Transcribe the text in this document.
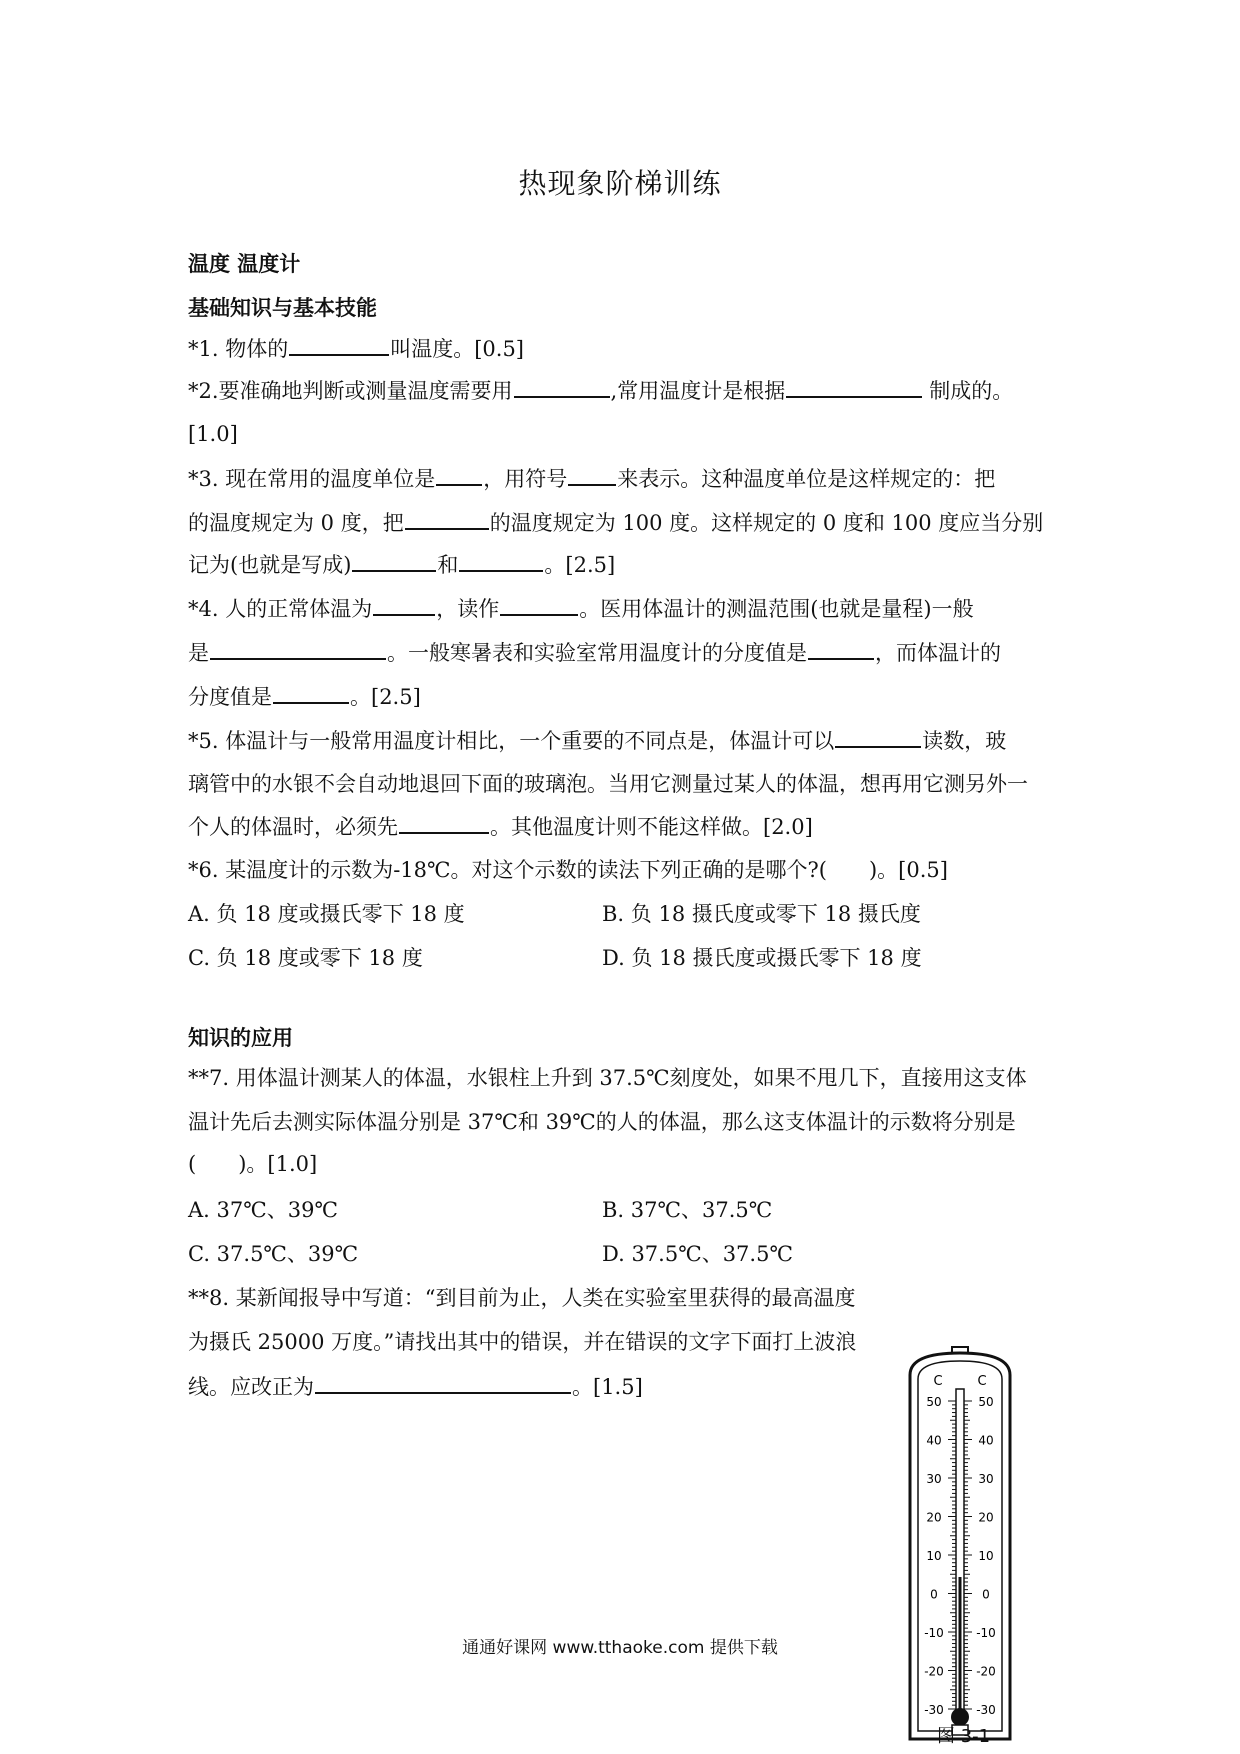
热现象阶梯训练
温度 温度计
基础知识与基本技能
*1. 物体的	叫温度。[0.5]
*2.要准确地判断或测量温度需要用	,常用温度计是根据	制成的。
[1.0]
*3. 现在常用的温度单位是 ，用符号 来表示。这种温度单位是这样规定的：把
的温度规定为 0 度，把	的温度规定为 100 度。这样规定的 0 度和 100 度应当分别
记为(也就是写成)	和	。[2.5]
*4. 人的正常体温为	，读作	。医用体温计的测温范围(也就是量程)一般
是	。一般寒暑表和实验室常用温度计的分度值是	，而体温计的
分度值是	。[2.5]
*5. 体温计与一般常用温度计相比，一个重要的不同点是，体温计可以	读数，玻
璃管中的水银不会自动地退回下面的玻璃泡。当用它测量过某人的体温，想再用它测另外一
个人的体温时，必须先	。其他温度计则不能这样做。[2.0]
*6. 某温度计的示数为-18℃。对这个示数的读法下列正确的是哪个?(　　)。[0.5]
A. 负 18 度或摄氏零下 18 度	B. 负 18 摄氏度或零下 18 摄氏度
C. 负 18 度或零下 18 度	D. 负 18 摄氏度或摄氏零下 18 度
知识的应用
**7. 用体温计测某人的体温，水银柱上升到 37.5℃刻度处，如果不甩几下，直接用这支体
温计先后去测实际体温分别是 37℃和 39℃的人的体温，那么这支体温计的示数将分别是
(　　)。[1.0]
A. 37℃、39℃	B. 37℃、37.5℃
C. 37.5℃、39℃	D. 37.5℃、37.5℃
**8. 某新闻报导中写道：“到目前为止，人类在实验室里获得的最高温度
为摄氏 25000 万度。”请找出其中的错误，并在错误的文字下面打上波浪
线。应改正为	。[1.5]	C	C
50
40
30
20
10
0
-10
-20
-30
50
40
30
20
10
0
-10
-20
-30
图 3-1
通通好课网 www.tthaoke.com 提供下载
